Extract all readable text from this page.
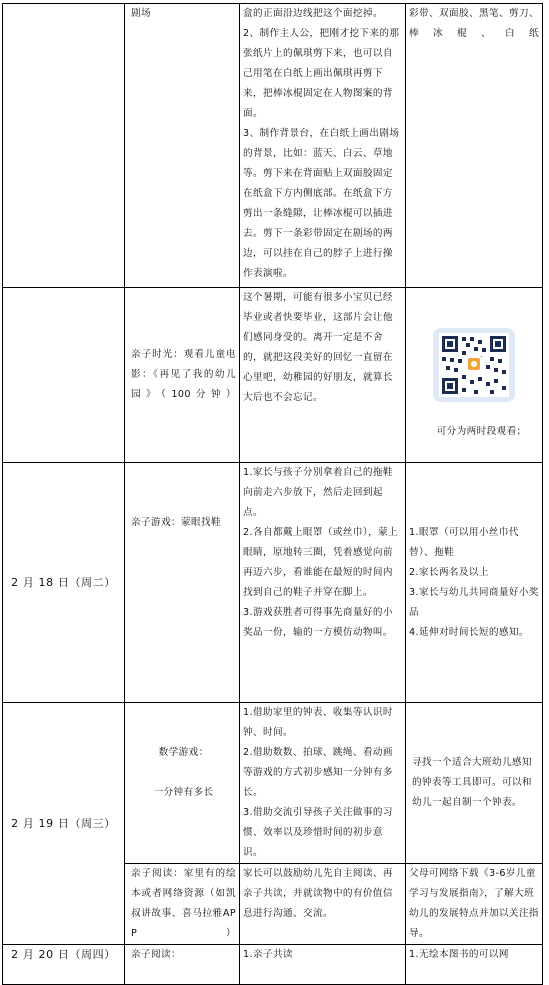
	剧场	盒的正面沿边线把这个面挖掉。
2、制作主人公，把刚才挖下来的那张纸片上的佩琪剪下来，也可以自己用笔在白纸上画出佩琪再剪下来，把棒冰棍固定在人物图案的背面。
3、制作背景台，在白纸上画出剧场的背景，比如：蓝天、白云、草地等。剪下来在背面贴上双面胶固定在纸盒下方内侧底部。在纸盒下方剪出一条缝隙，让棒冰棍可以插进去。剪下一条彩带固定在剧场的两边，可以挂在自己的脖子上进行操作表演啦。	彩带、双面胶、黑笔、剪刀、棒冰棍、白纸
	亲子时光：观看儿童电影：《再见了我的幼儿园》（100分钟）	这个暑期，可能有很多小宝贝已经毕业或者快要毕业，这部片会让他们感同身受的。离开一定是不舍的，就把这段美好的回忆一直留在心里吧，幼稚园的好朋友，就算长大后也不会忘记。	可分为两时段观看；

2 月 18 日（周二）	亲子游戏：蒙眼找鞋	1.家长与孩子分别拿着自己的拖鞋向前走六步放下，然后走回到起点。
2.各自都戴上眼罩（或丝巾），蒙上眼睛，原地转三圈，凭着感觉向前再迈六步，看谁能在最短的时间内找到自己的鞋子并穿在脚上。
3.游戏获胜者可得事先商量好的小奖品一份，输的一方模仿动物叫。	1.眼罩（可以用小丝巾代替）、拖鞋
2.家长两名及以上
3.家长与幼儿共同商量好小奖品
4.延伸对时间长短的感知。
2 月 19 日（周三）	数学游戏：

一分钟有多长	1.借助家里的钟表、收集等认识时钟、时间。
2.借助数数、拍球、跳绳、看动画等游戏的方式初步感知一分钟有多长。
3.借助交流引导孩子关注做事的习惯、效率以及珍惜时间的初步意识。	寻找一个适合大班幼儿感知的钟表等工具即可。可以和幼儿一起自制一个钟表。
	亲子阅读：家里有的绘本或者网络资源（如凯叔讲故事、喜马拉雅APP）	家长可以鼓励幼儿先自主阅读、再亲子共读，并就读物中的有价值信息进行沟通、交流。	父母可网络下载《3-6岁儿童学习与发展指南》，了解大班幼儿的发展特点并加以关注指导。
2 月 20 日（周四）	亲子阅读：	1.亲子共读	1.无绘本图书的可以网
